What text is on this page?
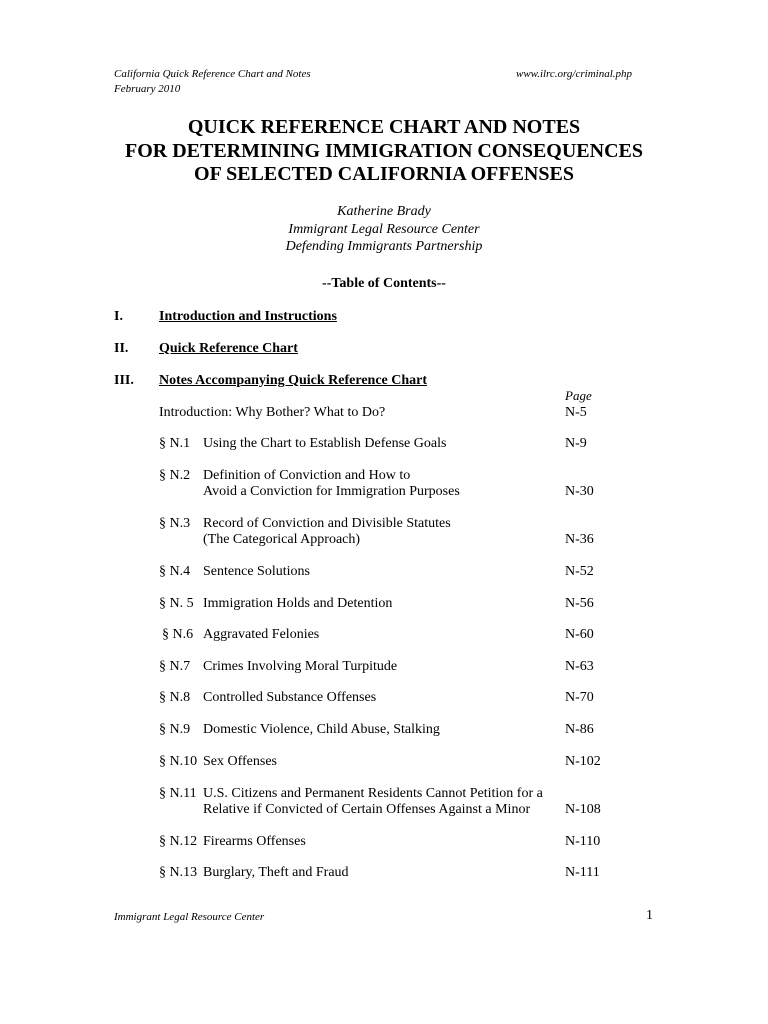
California Quick Reference Chart and Notes
February 2010
www.ilrc.org/criminal.php
QUICK REFERENCE CHART AND NOTES
FOR DETERMINING IMMIGRATION CONSEQUENCES
OF SELECTED CALIFORNIA OFFENSES
Katherine Brady
Immigrant Legal Resource Center
Defending Immigrants Partnership
--Table of Contents--
I.	Introduction and Instructions
II. Quick Reference Chart
III. Notes Accompanying Quick Reference Chart
Page
Introduction: Why Bother? What to Do?	N-5
§ N.1 Using the Chart to Establish Defense Goals	N-9
§ N.2 Definition of Conviction and How to
Avoid a Conviction for Immigration Purposes	N-30
§ N.3 Record of Conviction and Divisible Statutes
(The Categorical Approach)	N-36
§ N.4 Sentence Solutions	N-52
§ N. 5 Immigration Holds and Detention	N-56
§ N.6 Aggravated Felonies	N-60
§ N.7 Crimes Involving Moral Turpitude	N-63
§ N.8 Controlled Substance Offenses	N-70
§ N.9 Domestic Violence, Child Abuse, Stalking	N-86
§ N.10 Sex Offenses	N-102
§ N.11 U.S. Citizens and Permanent Residents Cannot Petition for a
Relative if Convicted of Certain Offenses Against a Minor N-108
§ N.12 Firearms Offenses	N-110
§ N.13 Burglary, Theft and Fraud	N-111
Immigrant Legal Resource Center	1
